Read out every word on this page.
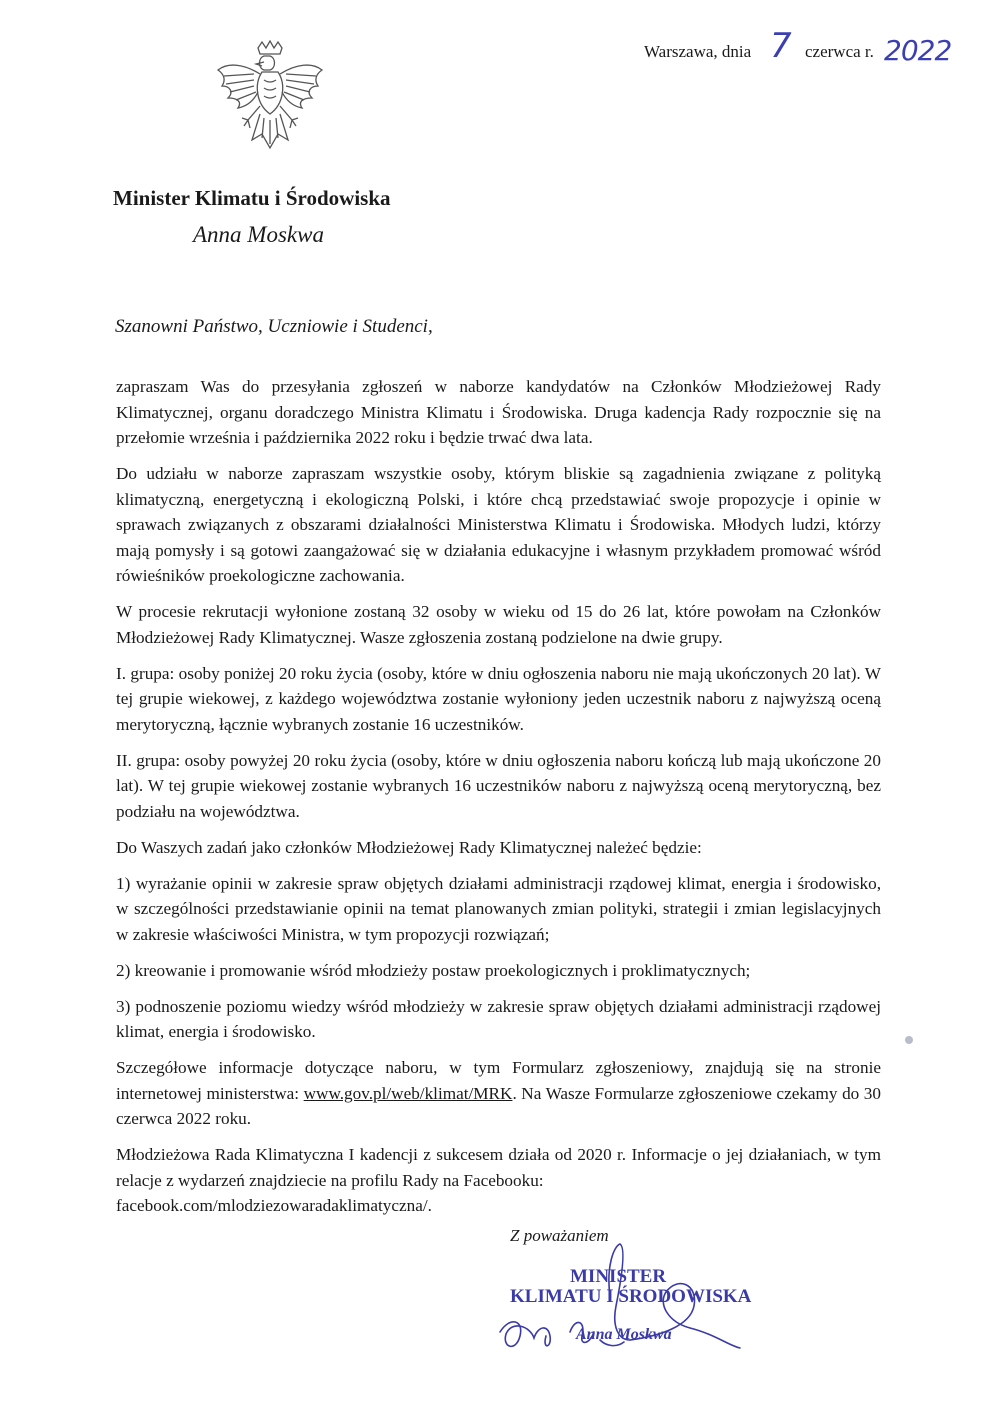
Warszawa, dnia 7 czerwca r. 2022
Minister Klimatu i Środowiska
Anna Moskwa
Szanowni Państwo, Uczniowie i Studenci,

zapraszam Was do przesyłania zgłoszeń w naborze kandydatów na Członków Młodzieżowej Rady Klimatycznej, organu doradczego Ministra Klimatu i Środowiska. Druga kadencja Rady rozpocznie się na przełomie września i października 2022 roku i będzie trwać dwa lata.

Do udziału w naborze zapraszam wszystkie osoby, którym bliskie są zagadnienia związane z polityką klimatyczną, energetyczną i ekologiczną Polski, i które chcą przedstawiać swoje propozycje i opinie w sprawach związanych z obszarami działalności Ministerstwa Klimatu i Środowiska. Młodych ludzi, którzy mają pomysły i są gotowi zaangażować się w działania edukacyjne i własnym przykładem promować wśród rówieśników proekologiczne zachowania.

W procesie rekrutacji wyłonione zostaną 32 osoby w wieku od 15 do 26 lat, które powołam na Członków Młodzieżowej Rady Klimatycznej. Wasze zgłoszenia zostaną podzielone na dwie grupy.

I. grupa: osoby poniżej 20 roku życia (osoby, które w dniu ogłoszenia naboru nie mają ukończonych 20 lat). W tej grupie wiekowej, z każdego województwa zostanie wyłoniony jeden uczestnik naboru z najwyższą oceną merytoryczną, łącznie wybranych zostanie 16 uczestników.

II. grupa: osoby powyżej 20 roku życia (osoby, które w dniu ogłoszenia naboru kończą lub mają ukończone 20 lat). W tej grupie wiekowej zostanie wybranych 16 uczestników naboru z najwyższą oceną merytoryczną, bez podziału na województwa.

Do Waszych zadań jako członków Młodzieżowej Rady Klimatycznej należeć będzie:

1) wyrażanie opinii w zakresie spraw objętych działami administracji rządowej klimat, energia i środowisko, w szczególności przedstawianie opinii na temat planowanych zmian polityki, strategii i zmian legislacyjnych w zakresie właściwości Ministra, w tym propozycji rozwiązań;

2) kreowanie i promowanie wśród młodzieży postaw proekologicznych i proklimatycznych;

3) podnoszenie poziomu wiedzy wśród młodzieży w zakresie spraw objętych działami administracji rządowej klimat, energia i środowisko.

Szczegółowe informacje dotyczące naboru, w tym Formularz zgłoszeniowy, znajdują się na stronie internetowej ministerstwa: www.gov.pl/web/klimat/MRK. Na Wasze Formularze zgłoszeniowe czekamy do 30 czerwca 2022 roku.

Młodzieżowa Rada Klimatyczna I kadencji z sukcesem działa od 2020 r. Informacje o jej działaniach, w tym relacje z wydarzeń znajdziecie na profilu Rady na Facebooku:
facebook.com/mlodziezowaradaklimatyczna/.

Z poważaniem
MINISTER
KLIMATU I ŚRODOWISKA
Anna Moskwa
